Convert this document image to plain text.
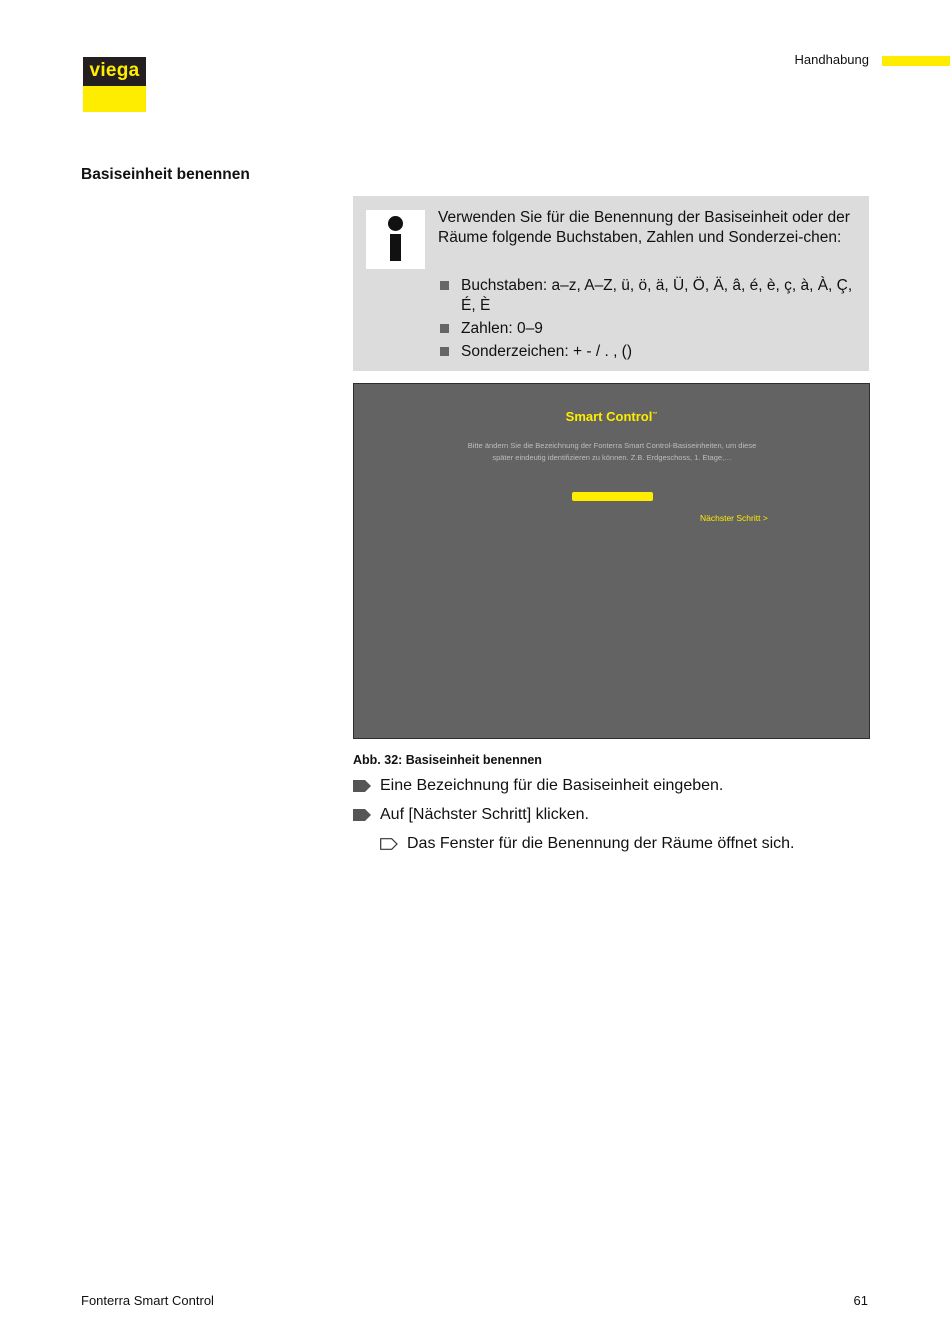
viega
Handhabung
Basiseinheit benennen
Verwenden Sie für die Benennung der Basiseinheit oder der Räume folgende Buchstaben, Zahlen und Sonderzei-chen:
Buchstaben: a–z, A–Z, ü, ö, ä, Ü, Ö, Ä, â, é, è, ç, à, À, Ç, É, È
Zahlen: 0–9
Sonderzeichen: + - / . , ()
Smart Control™
Bitte ändern Sie die Bezeichnung der Fonterra Smart Control-Basiseinheiten, um diese später eindeutig identifizieren zu können. Z.B. Erdgeschoss, 1. Etage,…
Nächster Schritt >
Abb. 32: Basiseinheit benennen
Eine Bezeichnung für die Basiseinheit eingeben.
Auf [Nächster Schritt] klicken.
Das Fenster für die Benennung der Räume öffnet sich.
Fonterra Smart Control	61
